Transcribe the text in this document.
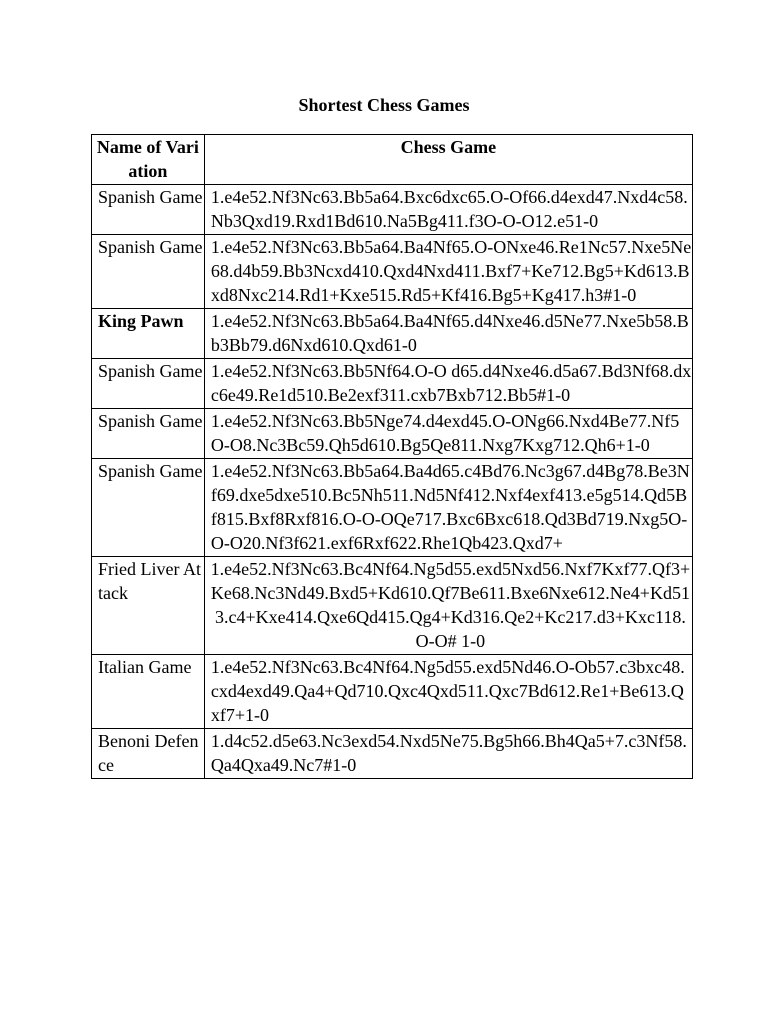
Shortest Chess Games
Name of Variation	Chess Game
Spanish Game	1.e4e52.Nf3Nc63.Bb5a64.Bxc6dxc65.O-Of66.d4exd47.Nxd4c58.Nb3Qxd19.Rxd1Bd610.Na5Bg411.f3O-O-O12.e51-0
Spanish Game	1.e4e52.Nf3Nc63.Bb5a64.Ba4Nf65.O-ONxe46.Re1Nc57.Nxe5Ne68.d4b59.Bb3Ncxd410.Qxd4Nxd411.Bxf7+Ke712.Bg5+Kd613.Bxd8Nxc214.Rd1+Kxe515.Rd5+Kf416.Bg5+Kg417.h3#1-0
King Pawn	1.e4e52.Nf3Nc63.Bb5a64.Ba4Nf65.d4Nxe46.d5Ne77.Nxe5b58.Bb3Bb79.d6Nxd610.Qxd61-0
Spanish Game	1.e4e52.Nf3Nc63.Bb5Nf64.O-O d65.d4Nxe46.d5a67.Bd3Nf68.dxc6e49.Re1d510.Be2exf311.cxb7Bxb712.Bb5#1-0
Spanish Game	1.e4e52.Nf3Nc63.Bb5Nge74.d4exd45.O-ONg66.Nxd4Be77.Nf5O-O8.Nc3Bc59.Qh5d610.Bg5Qe811.Nxg7Kxg712.Qh6+1-0
Spanish Game	1.e4e52.Nf3Nc63.Bb5a64.Ba4d65.c4Bd76.Nc3g67.d4Bg78.Be3Nf69.dxe5dxe510.Bc5Nh511.Nd5Nf412.Nxf4exf413.e5g514.Qd5Bf815.Bxf8Rxf816.O-O-OQe717.Bxc6Bxc618.Qd3Bd719.Nxg5O-O-O20.Nf3f621.exf6Rxf622.Rhe1Qb423.Qxd7+
Fried Liver Attack	1.e4e52.Nf3Nc63.Bc4Nf64.Ng5d55.exd5Nxd56.Nxf7Kxf77.Qf3+Ke68.Nc3Nd49.Bxd5+Kd610.Qf7Be611.Bxe6Nxe612.Ne4+Kd513.c4+Kxe414.Qxe6Qd415.Qg4+Kd316.Qe2+Kc217.d3+Kxc118.O-O# 1-0
Italian Game	1.e4e52.Nf3Nc63.Bc4Nf64.Ng5d55.exd5Nd46.O-Ob57.c3bxc48.cxd4exd49.Qa4+Qd710.Qxc4Qxd511.Qxc7Bd612.Re1+Be613.Qxf7+1-0
Benoni Defence	1.d4c52.d5e63.Nc3exd54.Nxd5Ne75.Bg5h66.Bh4Qa5+7.c3Nf58.Qa4Qxa49.Nc7#1-0
